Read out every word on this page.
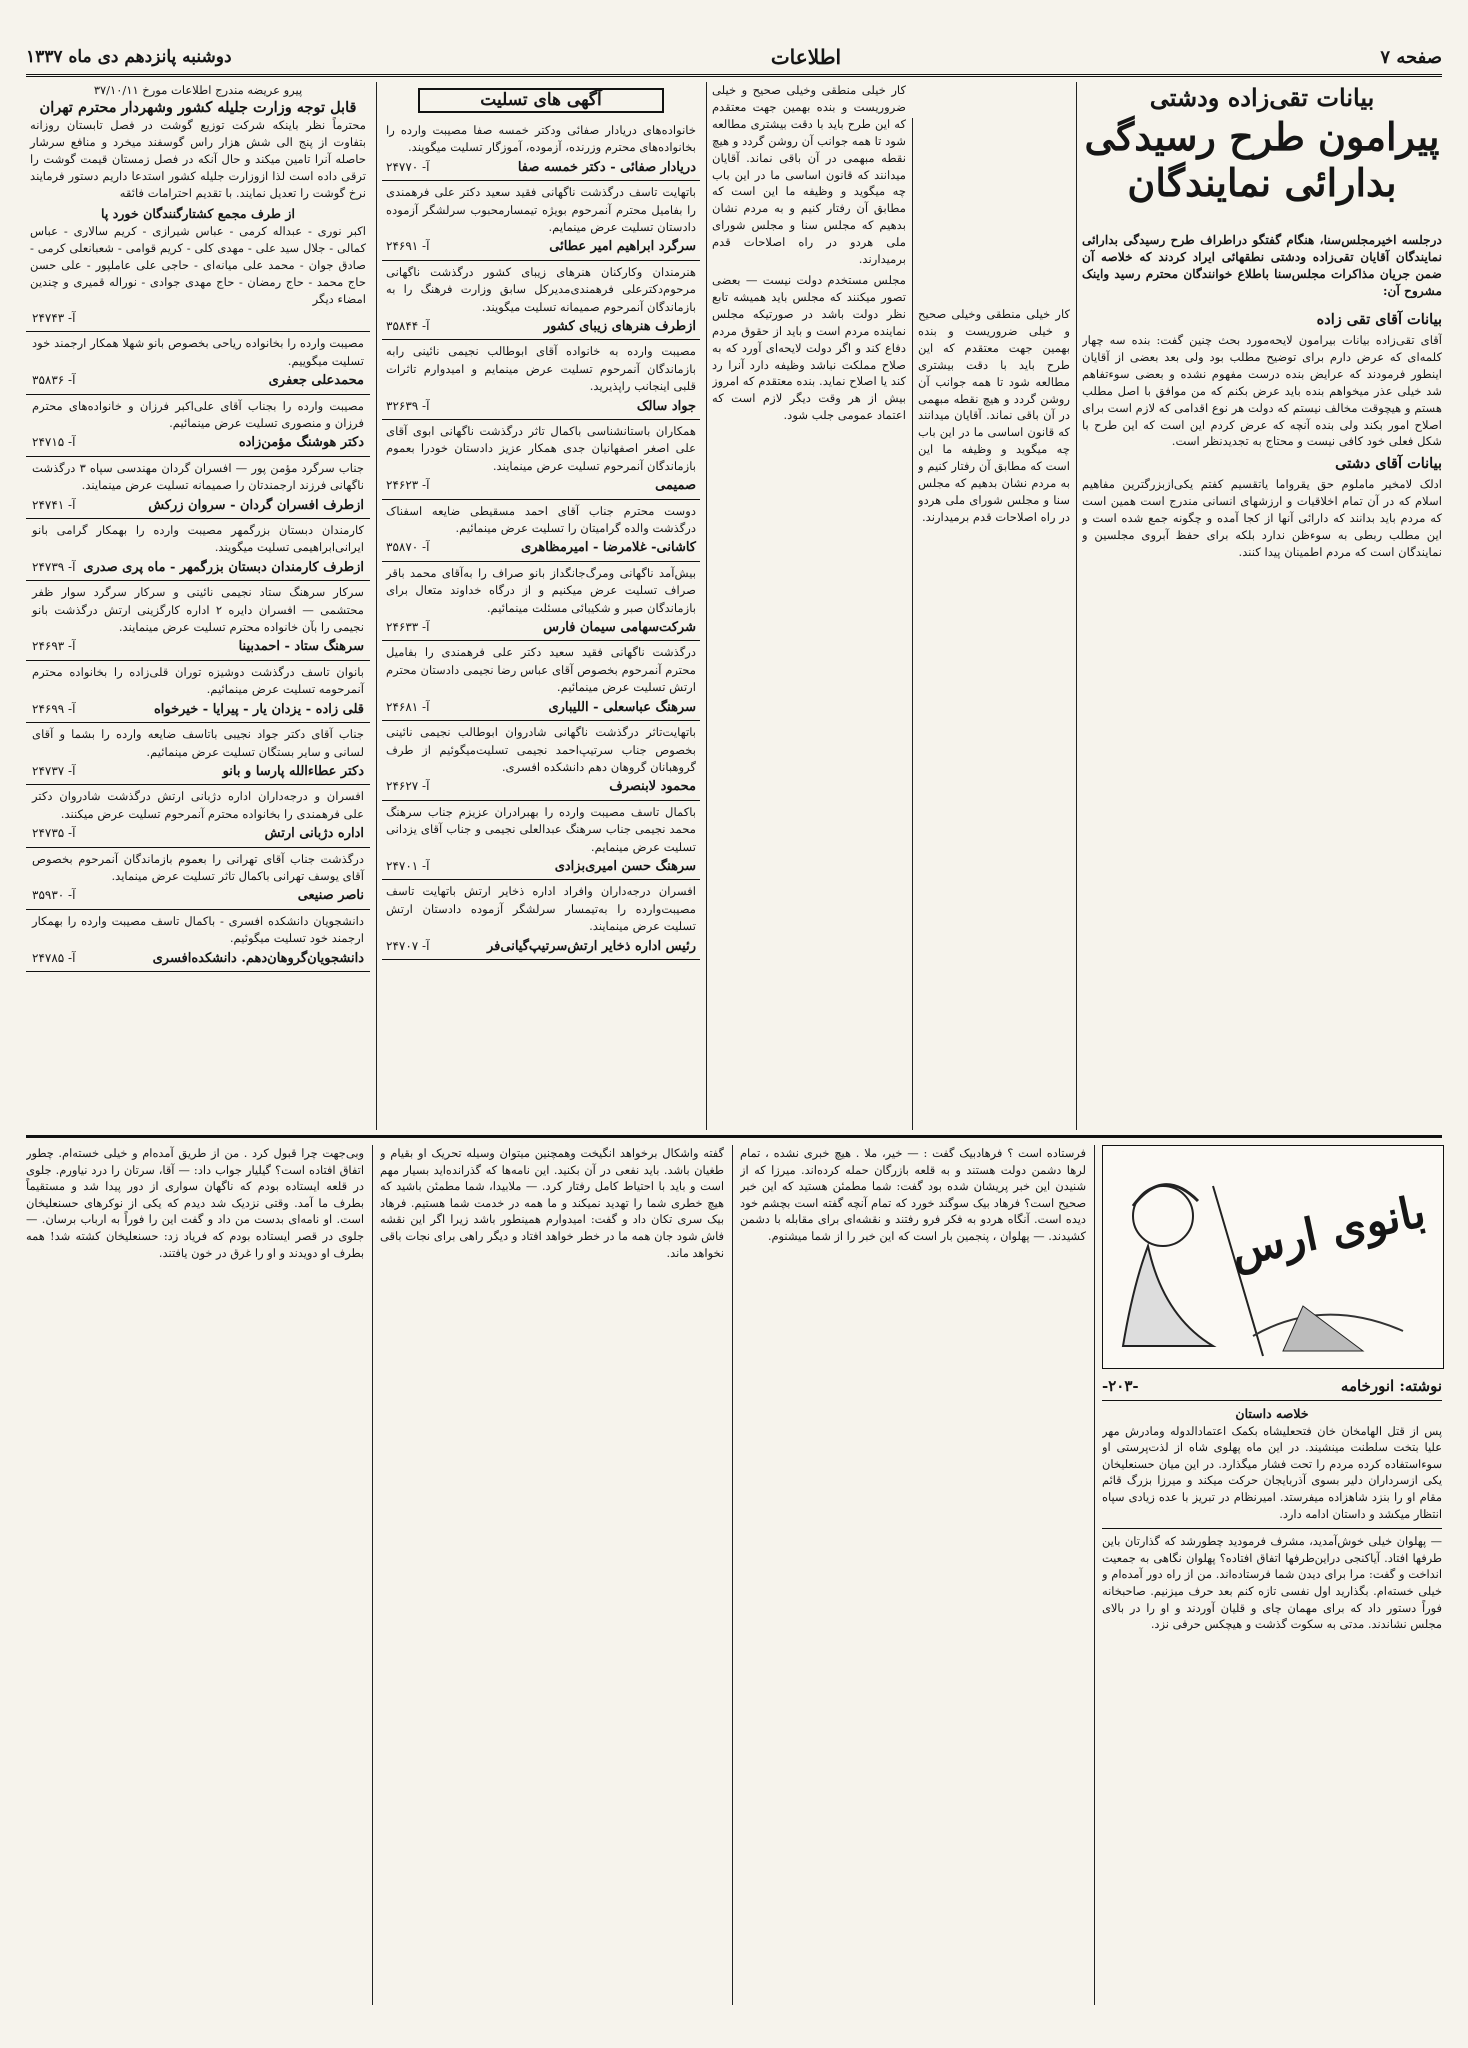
صفحه ۷
اطلاعات
دوشنبه پانزدهم دی ماه ۱۳۳۷
بیانات تقی‌زاده ودشتی
پیرامون طرح رسیدگی بدارائی نمایندگان
درجلسه اخیرمجلس‌سنا، هنگام گفتگو دراطراف طرح رسیدگی بدارائی نمایندگان آقایان تقی‌زاده ودشتی نطقهائی ایراد کردند که خلاصه آن ضمن جریان مذاکرات مجلس‌سنا باطلاع خوانندگان محترم رسید واینک مشروح آن:
بیانات آقای تقی زاده
آقای تقی‌زاده بیانات بیرامون لایحه‌مورد بحث چنین گفت: بنده سه چهار کلمه‌ای که عرض دارم برای توضیح مطلب بود ولی بعد بعضی از آقایان اینطور فرمودند که عرایض بنده درست مفهوم نشده و بعضی سوءتفاهم شد خیلی عذر میخواهم بنده باید عرض بکنم که من موافق با اصل مطلب هستم و هیچوقت مخالف نیستم که دولت هر نوع اقدامی که لازم است برای اصلاح امور بکند ولی بنده آنچه که عرض کردم این است که این طرح با شکل فعلی خود کافی نیست و محتاج به تجدیدنظر است.
بیانات آقای دشتی
ادلک لامخیر ماملوم حق یقرواما یاتقسیم کفتم یکی‌ازبزرگترین مفاهیم اسلام که در آن تمام اخلاقیات و ارزشهای انسانی مندرج است همین است که مردم باید بدانند که دارائی آنها از کجا آمده و چگونه جمع شده است و این مطلب ربطی به سوءظن ندارد بلکه برای حفظ آبروی مجلسین و نمایندگان است که مردم اطمینان پیدا کنند.
کار خیلی منطقی وخیلی صحیح و خیلی ضروریست و بنده بهمین جهت معتقدم که این طرح باید با دقت بیشتری مطالعه شود تا همه جوانب آن روشن گردد و هیچ نقطه مبهمی در آن باقی نماند. آقایان میدانند که قانون اساسی ما در این باب چه میگوید و وظیفه ما این است که مطابق آن رفتار کنیم و به مردم نشان بدهیم که مجلس سنا و مجلس شورای ملی هردو در راه اصلاحات قدم برمیدارند.
کار خیلی منطقی وخیلی صحیح و خیلی ضروریست و بنده بهمین جهت معتقدم که این طرح باید با دقت بیشتری مطالعه شود تا همه جوانب آن روشن گردد و هیچ نقطه مبهمی در آن باقی نماند. آقایان میدانند که قانون اساسی ما در این باب چه میگوید و وظیفه ما این است که مطابق آن رفتار کنیم و به مردم نشان بدهیم که مجلس سنا و مجلس شورای ملی هردو در راه اصلاحات قدم برمیدارند.
مجلس مستخدم دولت نیست — بعضی تصور میکنند که مجلس باید همیشه تابع نظر دولت باشد در صورتیکه مجلس نماینده مردم است و باید از حقوق مردم دفاع کند و اگر دولت لایحه‌ای آورد که به صلاح مملکت نباشد وظیفه دارد آنرا رد کند یا اصلاح نماید. بنده معتقدم که امروز بیش از هر وقت دیگر لازم است که اعتماد عمومی جلب شود.
آگهی های تسلیت
خانواده‌های دریادار صفائی ودکتر خمسه صفا مصیبت وارده را بخانواده‌های محترم وزرنده، آزموده، آموزگار تسلیت میگویند.
دریادار صفائی - دکتر خمسه صفا
آ- ۲۴۷۷۰
باتهایت تاسف درگذشت ناگهانی فقید سعید دکتر علی فرهمندی را بفامیل محترم آنمرحوم بویژه تیمسارمحبوب سرلشگر آزموده دادستان تسلیت عرض مینمایم.
سرگرد ابراهیم امیر عطائی
آ- ۲۴۶۹۱
هنرمندان وکارکنان هنرهای زیبای کشور درگذشت ناگهانی مرحوم‌دکترعلی فرهمندی‌مدیرکل سابق وزارت فرهنگ را به بازماندگان آنمرحوم صمیمانه تسلیت میگویند.
ازطرف هنرهای زیبای کشور
آ- ۳۵۸۴۴
مصیبت وارده به خانواده آقای ابوطالب نجیمی نائینی رابه بازماندگان آنمرحوم تسلیت عرض مینمایم و امیدوارم تاثرات قلبی اینجانب راپذیرید.
جواد سالک
آ- ۳۲۶۳۹
همکاران باستانشناسی باکمال تاثر درگذشت ناگهانی ابوی آقای علی اصغر اصفهانیان جدی همکار عزیز دادستان خودرا بعموم بازماندگان آنمرحوم تسلیت عرض مینمایند.
صمیمی
آ- ۲۴۶۲۳
دوست محترم جناب آقای احمد مسقیطی ضایعه اسفناک درگذشت والده گرامیتان را تسلیت عرض مینمائیم.
کاشانی- غلامرضا - امیرمظاهری
آ- ۳۵۸۷۰
بیش‌آمد ناگهانی ومرگ‌جانگداز بانو صراف را به‌آقای محمد باقر صراف تسلیت عرض میکنیم و از درگاه خداوند متعال برای بازماندگان صبر و شکیبائی مسئلت مینمائیم.
شرکت‌سهامی سیمان فارس
آ- ۲۴۶۳۳
درگذشت ناگهانی فقید سعید دکتر علی فرهمندی را بفامیل محترم آنمرحوم بخصوص آقای عباس رضا نجیمی دادستان محترم ارتش تسلیت عرض مینمائیم.
سرهنگ عباسعلی - اللیباری
آ- ۲۴۶۸۱
باتهایت‌تاثر درگذشت ناگهانی شادروان ابوطالب نجیمی نائینی بخصوص جناب سرتیپ‌احمد نجیمی تسلیت‌میگوئیم از طرف گروهبانان گروهان دهم دانشکده افسری.
محمود لابنصرف
آ- ۲۴۶۲۷
باکمال تاسف مصیبت وارده را بهبرادران عزیزم جناب سرهنگ محمد نجیمی جناب سرهنگ عبدالعلی نجیمی و جناب آقای یزدانی تسلیت عرض مینمایم.
سرهنگ حسن امیری‌بزادی
آ- ۲۴۷۰۱
افسران درجه‌داران وافراد اداره ذخایر ارتش باتهایت تاسف مصیبت‌وارده را به‌تیمسار سرلشگر آزموده دادستان ارتش تسلیت عرض مینمایند.
رئیس اداره ذخایر ارتش‌سرتیپ‌گیانی‌فر
آ- ۲۴۷۰۷
پیرو عریضه مندرج اطلاعات مورخ ۳۷/۱۰/۱۱
قابل توجه وزارت جلیله کشور وشهردار محترم تهران
محترماً نظر باینکه شرکت توزیع گوشت در فصل تابستان روزانه بتفاوت از پنج الی شش هزار راس گوسفند میخرد و منافع سرشار حاصله آنرا تامین میکند و حال آنکه در فصل زمستان قیمت گوشت را ترقی داده است لذا ازوزارت جلیله کشور استدعا داریم دستور فرمایند نرخ گوشت را تعدیل نمایند. با تقدیم احترامات فائقه
از طرف مجمع کشتارگنندگان خورد پا
اکبر نوری - عبداله کرمی - عباس شیرازی - کریم سالاری - عباس کمالی - جلال سید علی - مهدی کلی - کریم قوامی - شعبانعلی کرمی - صادق جوان - محمد علی میانه‌ای - حاجی علی عاملپور - علی حسن حاج محمد - حاج رمضان - حاج مهدی جوادی - نوراله قمیری و چندین امضاء دیگر
آ- ۲۴۷۴۳
مصیبت وارده را بخانواده ریاحی بخصوص بانو شهلا همکار ارجمند خود تسلیت میگوییم.
محمدعلی جعفری
آ- ۳۵۸۳۶
مصیبت وارده را بجناب آقای علی‌اکبر فرزان و خانواده‌های محترم فرزان و منصوری تسلیت عرض مینمائیم.
دکتر هوشنگ مؤمن‌زاده
آ- ۲۴۷۱۵
جناب سرگرد مؤمن پور — افسران گردان مهندسی سپاه ۳ درگذشت ناگهانی فرزند ارجمندتان را صمیمانه تسلیت عرض مینمایند.
ازطرف افسران گردان - سروان زرکش
آ- ۲۴۷۴۱
کارمندان دبستان بزرگمهر مصیبت وارده را بهمکار گرامی بانو ایرانی‌ابراهیمی تسلیت میگویند.
ازطرف کارمندان دبستان بزرگمهر - ماه پری صدری
آ- ۲۴۷۳۹
سرکار سرهنگ ستاد نجیمی نائینی و سرکار سرگرد سوار ظفر محتشمی — افسران دایره ۲ اداره کارگزینی ارتش درگذشت بانو نجیمی را بآن خانواده محترم تسلیت عرض مینمایند.
سرهنگ ستاد - احمدبینا
آ- ۲۴۶۹۳
بانوان تاسف درگذشت دوشیزه توران قلی‌زاده را بخانواده محترم آنمرحومه تسلیت عرض مینمائیم.
قلی زاده - یزدان یار - پیرایا - خیرخواه
آ- ۲۴۶۹۹
جناب آقای دکتر جواد نجیبی باتاسف ضایعه وارده را بشما و آقای لسانی و سایر بستگان تسلیت عرض مینمائیم.
دکتر عطاءالله پارسا و بانو
آ- ۲۴۷۳۷
افسران و درجه‌داران اداره دژبانی ارتش درگذشت شادروان دکتر علی فرهمندی را بخانواده محترم آنمرحوم تسلیت عرض میکنند.
اداره دژبانی ارتش
آ- ۲۴۷۳۵
درگذشت جناب آقای تهرانی را بعموم بازماندگان آنمرحوم بخصوص آقای یوسف تهرانی باکمال تاثر تسلیت عرض مینماید.
ناصر صنیعی
آ- ۳۵۹۳۰
دانشجویان دانشکده افسری - باکمال تاسف مصیبت وارده را بهمکار ارجمند خود تسلیت میگوئیم.
دانشجویان‌گروهان‌دهم. دانشکده‌افسری
آ- ۲۴۷۸۵
بانوی ارس
نوشته: انورخامه
-۲۰۳-
خلاصه داستان
پس از قتل الهامخان خان فتحعلیشاه بکمک اعتمادالدوله ومادرش مهر علیا بتخت سلطنت مینشیند. در این ماه پهلوی شاه از لذت‌پرستی او سوءاستفاده کرده مردم را تحت فشار میگذارد. در این میان حسنعلیخان یکی ازسرداران دلیر بسوی آذربایجان حرکت میکند و میرزا بزرگ قائم مقام او را بنزد شاهزاده میفرستد. امیرنظام در تبریز با عده زیادی سپاه انتظار میکشد و داستان ادامه دارد.
— پهلوان خیلی خوش‌آمدید، مشرف فرمودید چطورشد که گذارتان باین طرفها افتاد. آیاکنجی دراین‌طرفها اتفاق افتاده؟ پهلوان نگاهی به جمعیت انداخت و گفت: مرا برای دیدن شما فرستاده‌اند. من از راه دور آمده‌ام و خیلی خسته‌ام. بگذارید اول نفسی تازه کنم بعد حرف میزنیم. صاحبخانه فوراً دستور داد که برای مهمان چای و قلیان آوردند و او را در بالای مجلس نشاندند. مدتی به سکوت گذشت و هیچکس حرفی نزد.
فرستاده است ؟ فرهادبیک گفت : — خیر، ملا . هیچ خبری نشده ، تمام لرها دشمن دولت هستند و به قلعه بازرگان حمله کرده‌اند. میرزا که از شنیدن این خبر پریشان شده بود گفت: شما مطمئن هستید که این خبر صحیح است؟ فرهاد بیک سوگند خورد که تمام آنچه گفته است بچشم خود دیده است. آنگاه هردو به فکر فرو رفتند و نقشه‌ای برای مقابله با دشمن کشیدند. — پهلوان ، پنجمین بار است که این خبر را از شما میشنوم.
گفته واشکال برخواهد انگیخت وهمچنین میتوان وسیله تحریک او بقیام و طغیان باشد. باید نفعی در آن بکنید. این نامه‌ها که گذرانده‌اید بسیار مهم است و باید با احتیاط کامل رفتار کرد. — ملابیدا، شما مطمئن باشید که هیچ خطری شما را تهدید نمیکند و ما همه در خدمت شما هستیم. فرهاد بیک سری تکان داد و گفت: امیدوارم همینطور باشد زیرا اگر این نقشه فاش شود جان همه ما در خطر خواهد افتاد و دیگر راهی برای نجات باقی نخواهد ماند.
وبی‌جهت چرا قبول کرد . من از طریق آمده‌ام و خیلی خسته‌ام. چطور اتفاق افتاده است؟ گیلیار جواب داد: — آقا، سرتان را درد نیاورم. جلوی در قلعه ایستاده بودم که ناگهان سواری از دور پیدا شد و مستقیماً بطرف ما آمد. وقتی نزدیک شد دیدم که یکی از نوکرهای حسنعلیخان است. او نامه‌ای بدست من داد و گفت این را فوراً به ارباب برسان. — جلوی در قصر ایستاده بودم که فریاد زد: حسنعلیخان کشته شد! همه بطرف او دویدند و او را غرق در خون یافتند.
